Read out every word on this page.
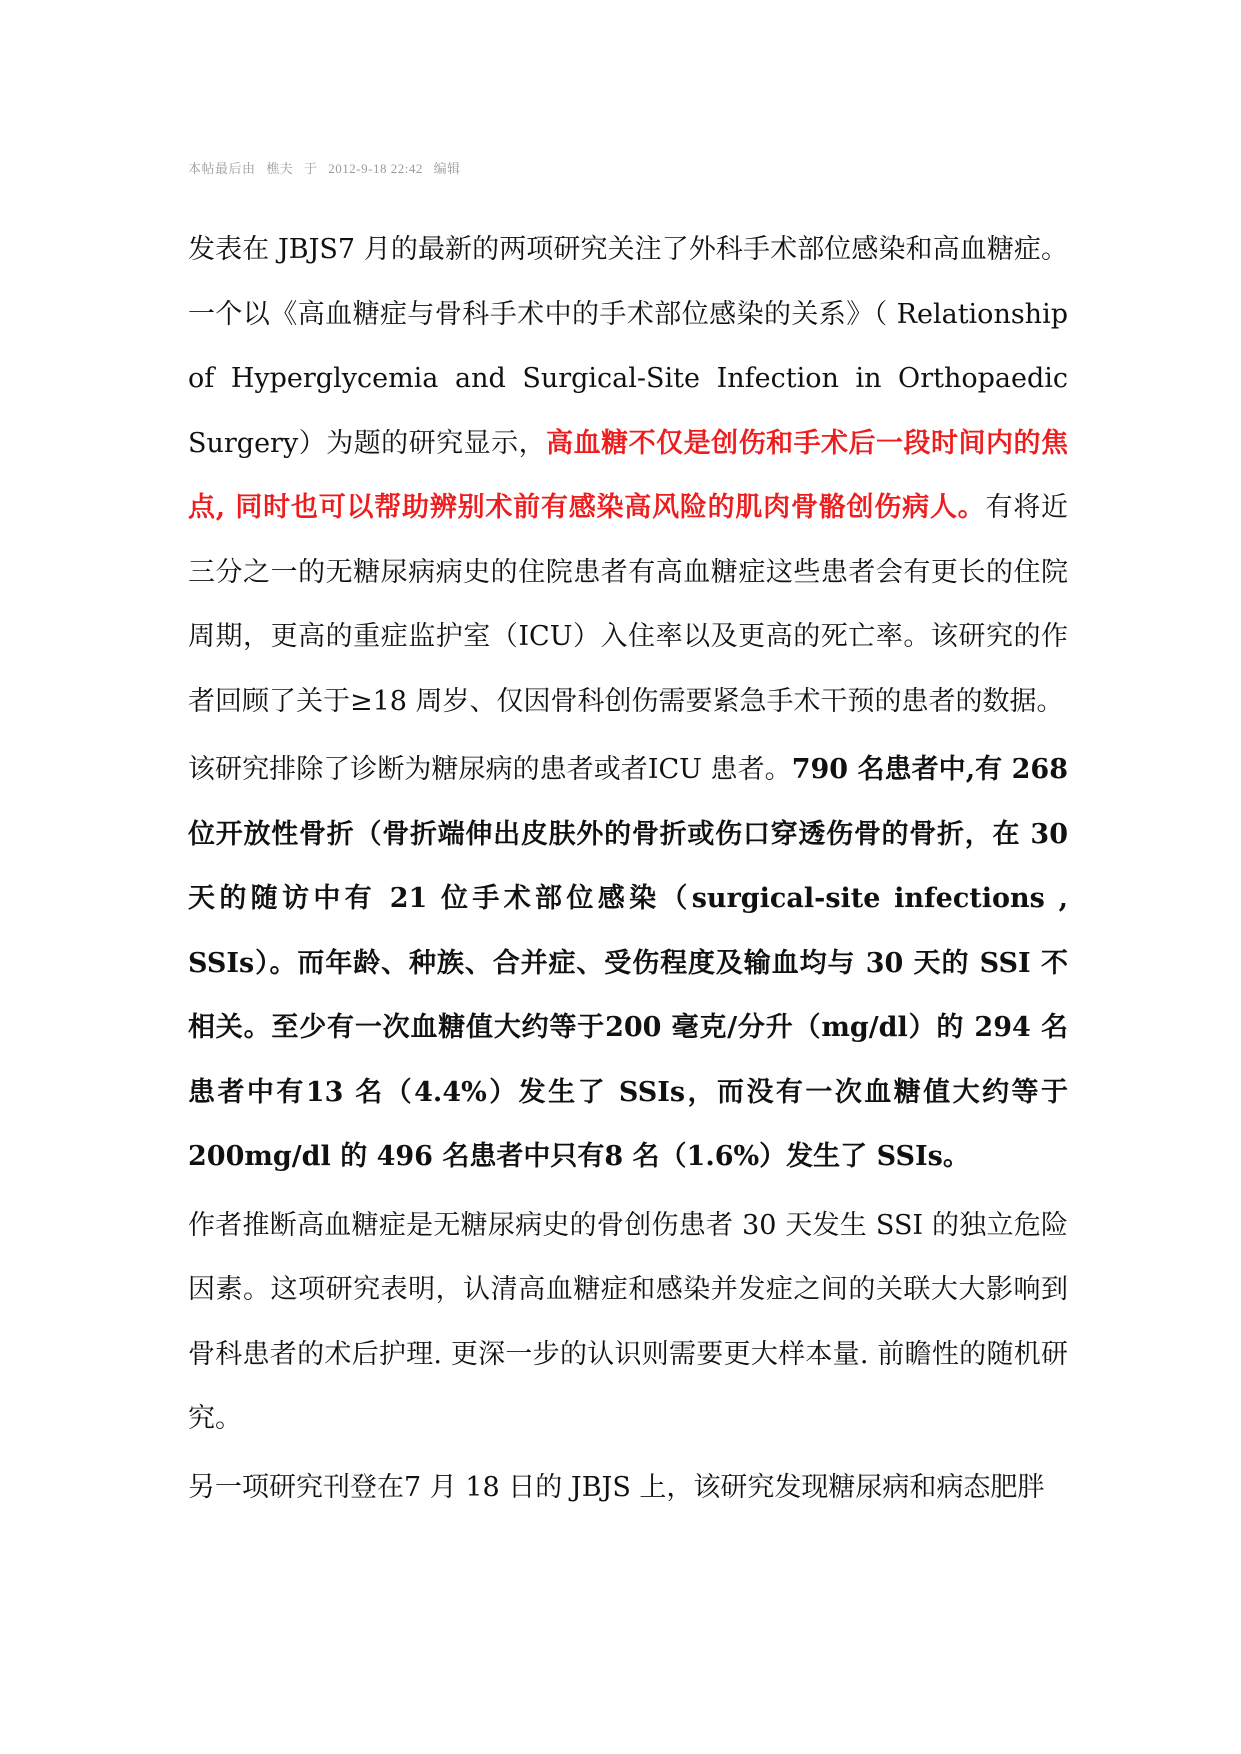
本帖最后由 樵夫 于 2012-9-18 22:42 编辑

发表在 JBJS7 月的最新的两项研究关注了外科手术部位感染和高血糖症。一个以《高血糖症与骨科手术中的手术部位感染的关系》（ Relationship of Hyperglycemia and Surgical-Site Infection in Orthopaedic Surgery）为题的研究显示，高血糖不仅是创伤和手术后一段时间内的焦点, 同时也可以帮助辨别术前有感染高风险的肌肉骨骼创伤病人。有将近三分之一的无糖尿病病史的住院患者有高血糖症这些患者会有更长的住院周期，更高的重症监护室（ICU）入住率以及更高的死亡率。该研究的作者回顾了关于≥18 周岁、仅因骨科创伤需要紧急手术干预的患者的数据。

该研究排除了诊断为糖尿病的患者或者ICU 患者。790 名患者中,有 268 位开放性骨折（骨折端伸出皮肤外的骨折或伤口穿透伤骨的骨折，在 30 天的随访中有 21 位手术部位感染（surgical-site infections , SSIs）。而年龄、种族、合并症、受伤程度及输血均与 30 天的 SSI 不相关。至少有一次血糖值大约等于200 毫克/分升（mg/dl）的 294 名患者中有13 名（4.4%）发生了 SSIs，而没有一次血糖值大约等于200mg/dl 的 496 名患者中只有8 名（1.6%）发生了 SSIs。

作者推断高血糖症是无糖尿病史的骨创伤患者 30 天发生 SSI 的独立危险因素。这项研究表明，认清高血糖症和感染并发症之间的关联大大影响到骨科患者的术后护理. 更深一步的认识则需要更大样本量. 前瞻性的随机研究。

另一项研究刊登在7 月 18 日的 JBJS 上，该研究发现糖尿病和病态肥胖
